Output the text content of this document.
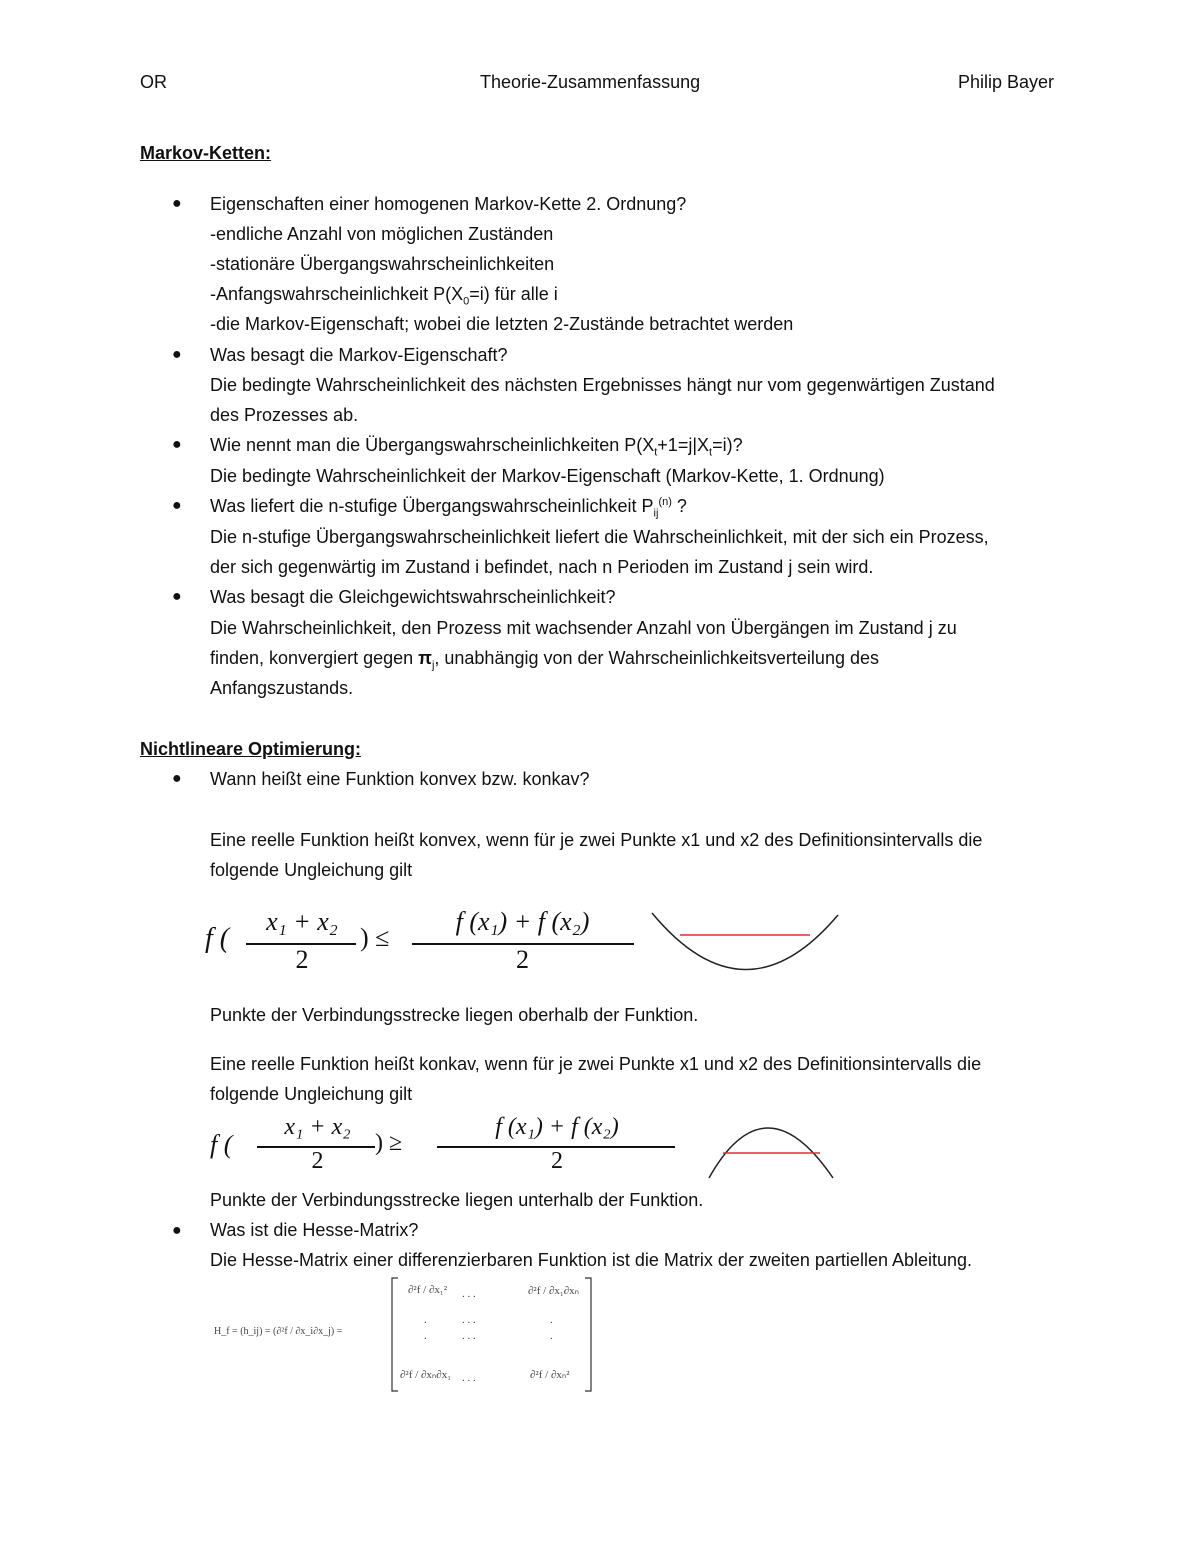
OR	Theorie-Zusammenfassung	Philip Bayer
Markov-Ketten:
● Eigenschaften einer homogenen Markov-Kette 2. Ordnung?
-endliche Anzahl von möglichen Zuständen
-stationäre Übergangswahrscheinlichkeiten
-Anfangswahrscheinlichkeit $P(X_0=i)$ für alle i
-die Markov-Eigenschaft; wobei die letzten 2-Zustände betrachtet werden
● Was besagt die Markov-Eigenschaft?
Die bedingte Wahrscheinlichkeit des nächsten Ergebnisses hängt nur vom gegenwärtigen Zustand
des Prozesses ab.
● Wie nennt man die Übergangswahrscheinlichkeiten $P(X_t+1=j|X_t=i)$?
Die bedingte Wahrscheinlichkeit der Markov-Eigenschaft (Markov-Kette, 1. Ordnung)
● Was liefert die n-stufige Übergangswahrscheinlichkeit $P_{ij}^{(n)}$ ?
Die n-stufige Übergangswahrscheinlichkeit liefert die Wahrscheinlichkeit, mit der sich ein Prozess,
der sich gegenwärtig im Zustand i befindet, nach n Perioden im Zustand j sein wird.
● Was besagt die Gleichgewichtswahrscheinlichkeit?
Die Wahrscheinlichkeit, den Prozess mit wachsender Anzahl von Übergängen im Zustand j zu
finden, konvergiert gegen $\pi_j$, unabhängig von der Wahrscheinlichkeitsverteilung des
Anfangszustands.
Nichtlineare Optimierung:
● Wann heißt eine Funktion konvex bzw. konkav?
Eine reelle Funktion heißt konvex, wenn für je zwei Punkte x1 und x2 des Definitionsintervalls die
folgende Ungleichung gilt
f (
x₁ + x₂
2
) ≤
f (x₁) + f (x₂)
2
Punkte der Verbindungsstrecke liegen oberhalb der Funktion.
Eine reelle Funktion heißt konkav, wenn für je zwei Punkte x1 und x2 des Definitionsintervalls die
folgende Ungleichung gilt
f (
x₁ + x₂
2
) ≥
f (x₁) + f (x₂)
2
Punkte der Verbindungsstrecke liegen unterhalb der Funktion.
● Was ist die Hesse-Matrix?
Die Hesse-Matrix einer differenzierbaren Funktion ist die Matrix der zweiten partiellen Ableitung.
H_f = (h_ij) = (∂²f / ∂x_i∂x_j) =
∂²f / ∂x₁² . . .	∂²f / ∂x₁∂xₙ
.	. . .	.
.	. . .	.
∂²f / ∂xₙ∂x₁ . . .	∂²f / ∂xₙ²
